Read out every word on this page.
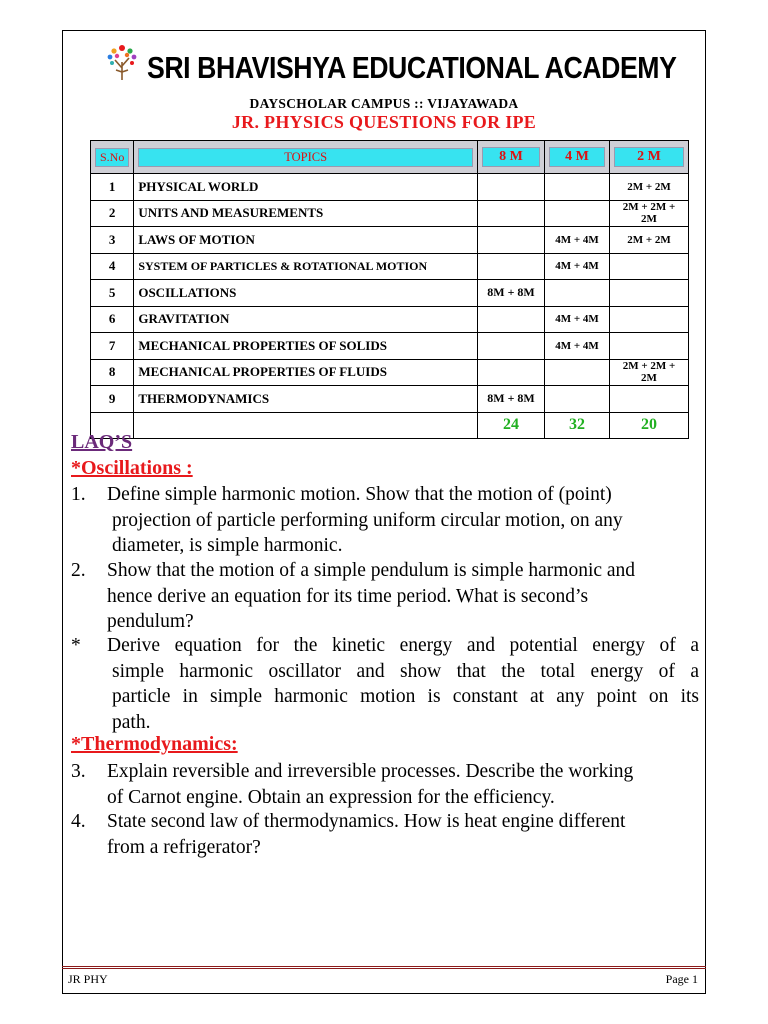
SRI BHAVISHYA EDUCATIONAL ACADEMY
DAYSCHOLAR CAMPUS :: VIJAYAWADA
JR. PHYSICS QUESTIONS FOR IPE
S.No	TOPICS	8 M	4 M	2 M

1	PHYSICAL WORLD			2M + 2M
2	UNITS AND MEASUREMENTS			2M + 2M + 2M
3	LAWS OF MOTION		4M + 4M	2M + 2M
4	SYSTEM OF PARTICLES & ROTATIONAL MOTION		4M + 4M	
5	OSCILLATIONS	8M + 8M		
6	GRAVITATION		4M + 4M	
7	MECHANICAL PROPERTIES OF SOLIDS		4M + 4M	
8	MECHANICAL PROPERTIES OF FLUIDS			2M + 2M + 2M
9	THERMODYNAMICS	8M + 8M		
		24	32	20
LAQ’S
*Oscillations :
1. Define simple harmonic motion. Show that the motion of (point)
projection of particle performing uniform circular motion, on any
diameter, is simple harmonic.
2. Show that the motion of a simple pendulum is simple harmonic and
hence derive an equation for its time period. What is second’s
pendulum?
* Derive equation for the kinetic energy and potential energy of a
simple harmonic oscillator and show that the total energy of a
particle in simple harmonic motion is constant at any point on its
path.
*Thermodynamics:
3. Explain reversible and irreversible processes. Describe the working
of Carnot engine. Obtain an expression for the efficiency.
4. State second law of thermodynamics. How is heat engine different
from a refrigerator?
JR PHY	Page 1
